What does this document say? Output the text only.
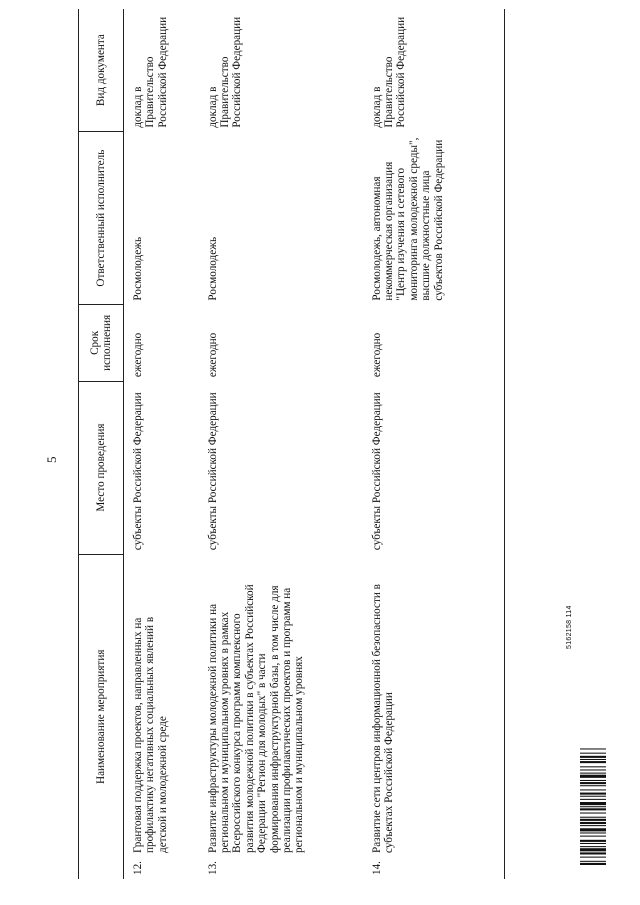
5
Наименование мероприятия	Место проведения	Срок исполнения	Ответственный исполнитель	Вид документа
12.Грантовая поддержка проектов, направленных на профилактику негативных социальных явлений в детской и молодежной среде	субъекты Российской Федерации	ежегодно	Росмолодежь	доклад в Правительство Российской Федерации
13.Развитие инфраструктуры молодежной политики на региональном и муниципальном уровнях в рамках Всероссийского конкурса программ комплексного развития молодежной политики в субъектах Российской Федерации "Регион для молодых" в части формирования инфраструктурной базы, в том числе для реализации профилактических проектов и программ на региональном и муниципальном уровнях	субъекты Российской Федерации	ежегодно	Росмолодежь	доклад в Правительство Российской Федерации
14.Развитие сети центров информационной безопасности в субъектах Российской Федерации	субъекты Российской Федерации	ежегодно	Росмолодежь, автономная некоммерческая организация "Центр изучения и сетевого мониторинга молодежной среды", высшие должностные лица субъектов Российской Федерации	доклад в Правительство Российской Федерации
5162158 114
